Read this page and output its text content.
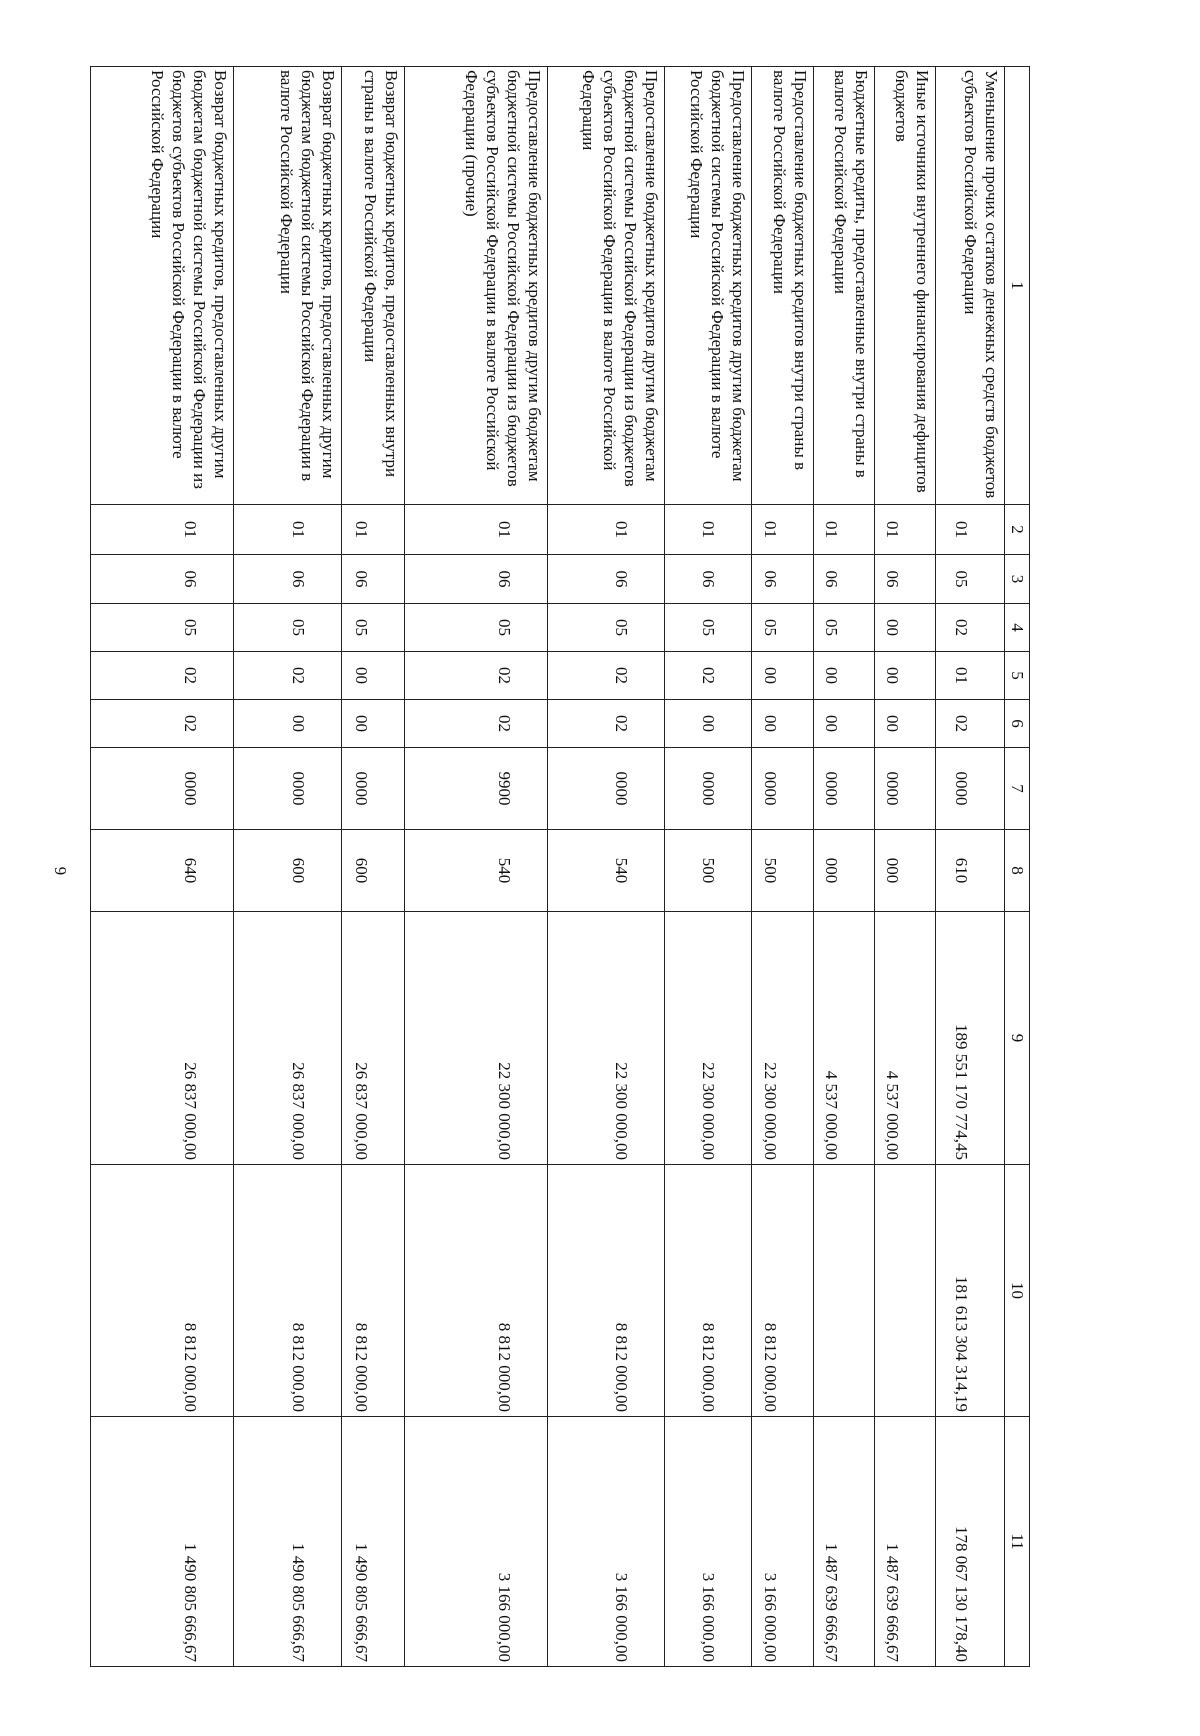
6
1	2	3	4	5	6	7	8	9	10	11
Уменьшение прочих остатков денежных средств бюджетов субъектов Российской Федерации	01	05	02	01	02	0000	610	189 551 170 774,45	181 613 304 314,19	178 067 130 178,40
Иные источники внутреннего финансирования дефицитов бюджетов	01	06	00	00	00	0000	000	4 537 000,00		1 487 639 666,67
Бюджетные кредиты, предоставленные внутри страны в валюте Российской Федерации	01	06	05	00	00	0000	000	4 537 000,00		1 487 639 666,67
Предоставление бюджетных кредитов внутри страны в валюте Российской Федерации	01	06	05	00	00	0000	500	22 300 000,00	8 812 000,00	3 166 000,00
Предоставление бюджетных кредитов другим бюджетам бюджетной системы Российской Федерации в валюте Российской Федерации	01	06	05	02	00	0000	500	22 300 000,00	8 812 000,00	3 166 000,00
Предоставление бюджетных кредитов другим бюджетам бюджетной системы Российской Федерации из бюджетов субъектов Российской Федерации в валюте Российской Федерации	01	06	05	02	02	0000	540	22 300 000,00	8 812 000,00	3 166 000,00
Предоставление бюджетных кредитов другим бюджетам бюджетной системы Российской Федерации из бюджетов субъектов Российской Федерации в валюте Российской Федерации (прочие)	01	06	05	02	02	9900	540	22 300 000,00	8 812 000,00	3 166 000,00
Возврат бюджетных кредитов, предоставленных внутри страны в валюте Российской Федерации	01	06	05	00	00	0000	600	26 837 000,00	8 812 000,00	1 490 805 666,67
Возврат бюджетных кредитов, предоставленных другим бюджетам бюджетной системы Российской Федерации в валюте Российской Федерации	01	06	05	02	00	0000	600	26 837 000,00	8 812 000,00	1 490 805 666,67
Возврат бюджетных кредитов, предоставленных другим бюджетам бюджетной системы Российской Федерации из бюджетов субъектов Российской Федерации в валюте Российской Федерации	01	06	05	02	02	0000	640	26 837 000,00	8 812 000,00	1 490 805 666,67
